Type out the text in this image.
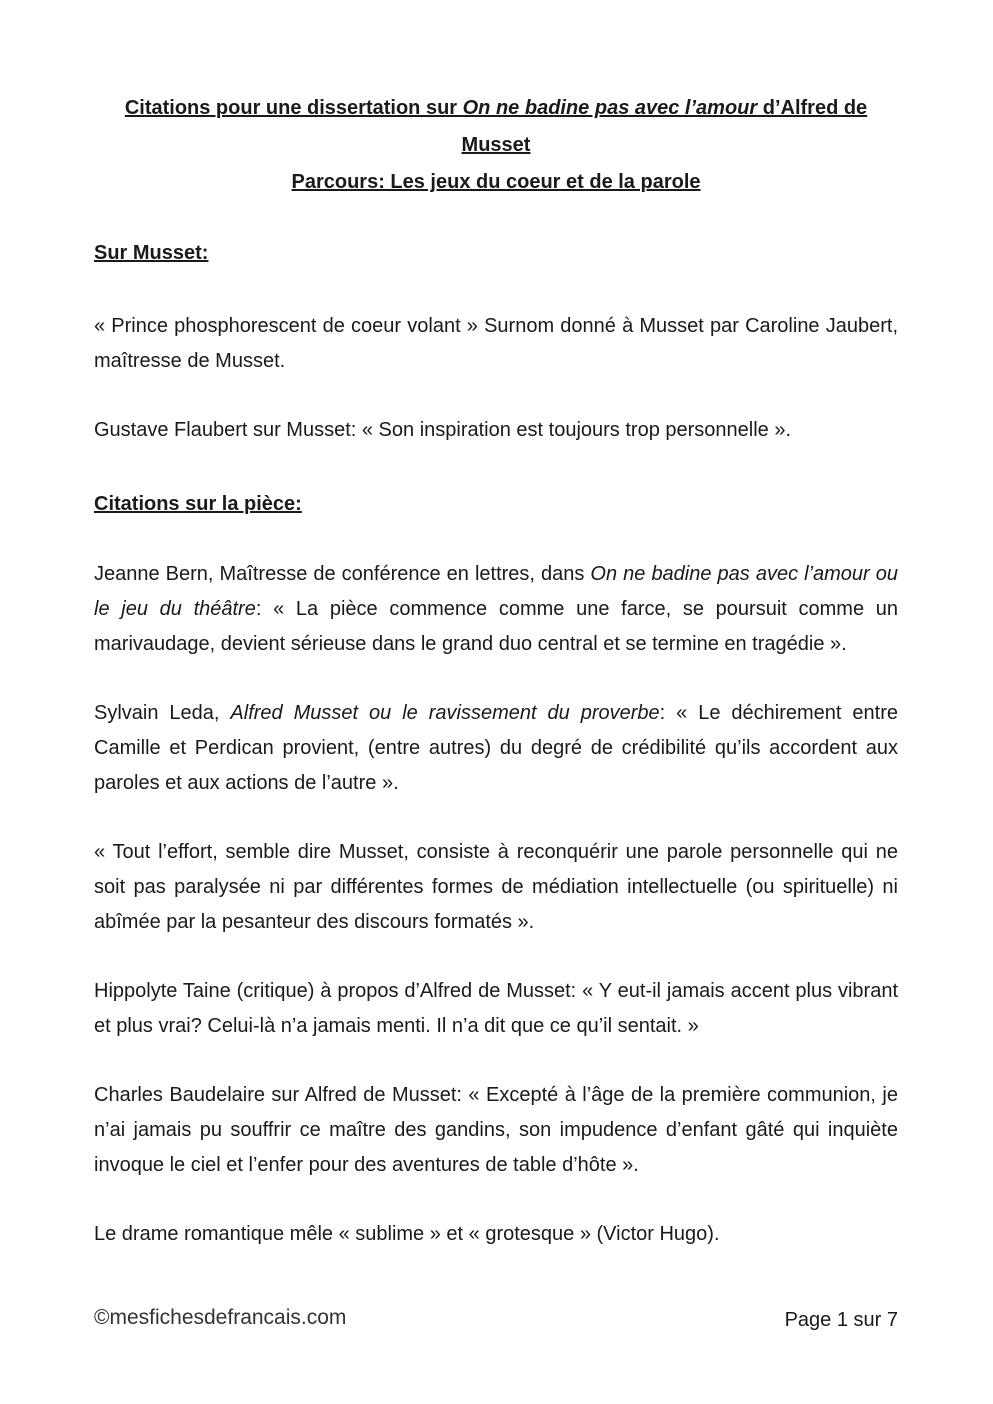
Citations pour une dissertation sur On ne badine pas avec l’amour d’Alfred de
Musset
Parcours: Les jeux du coeur et de la parole
Sur Musset:
« Prince phosphorescent de coeur volant » Surnom donné à Musset par Caroline Jaubert, maîtresse de Musset.
Gustave Flaubert sur Musset: « Son inspiration est toujours trop personnelle ».
Citations sur la pièce:
Jeanne Bern, Maîtresse de conférence en lettres, dans On ne badine pas avec l’amour ou le jeu du théâtre: « La pièce commence comme une farce, se poursuit comme un marivaudage, devient sérieuse dans le grand duo central et se termine en tragédie ».
Sylvain Leda, Alfred Musset ou le ravissement du proverbe: « Le déchirement entre Camille et Perdican provient, (entre autres) du degré de crédibilité qu’ils accordent aux paroles et aux actions de l’autre ».
« Tout l’effort, semble dire Musset, consiste à reconquérir une parole personnelle qui ne soit pas paralysée ni par différentes formes de médiation intellectuelle (ou spirituelle) ni abîmée par la pesanteur des discours formatés ».
Hippolyte Taine (critique) à propos d’Alfred de Musset: « Y eut-il jamais accent plus vibrant et plus vrai? Celui-là n’a jamais menti. Il n’a dit que ce qu’il sentait. »
Charles Baudelaire sur Alfred de Musset: « Excepté à l’âge de la première communion, je n’ai jamais pu souffrir ce maître des gandins, son impudence d’enfant gâté qui inquiète invoque le ciel et l’enfer pour des aventures de table d’hôte ».
Le drame romantique mêle « sublime » et « grotesque » (Victor Hugo).
©mesfichesdefrancais.com	Page 1 sur 7
